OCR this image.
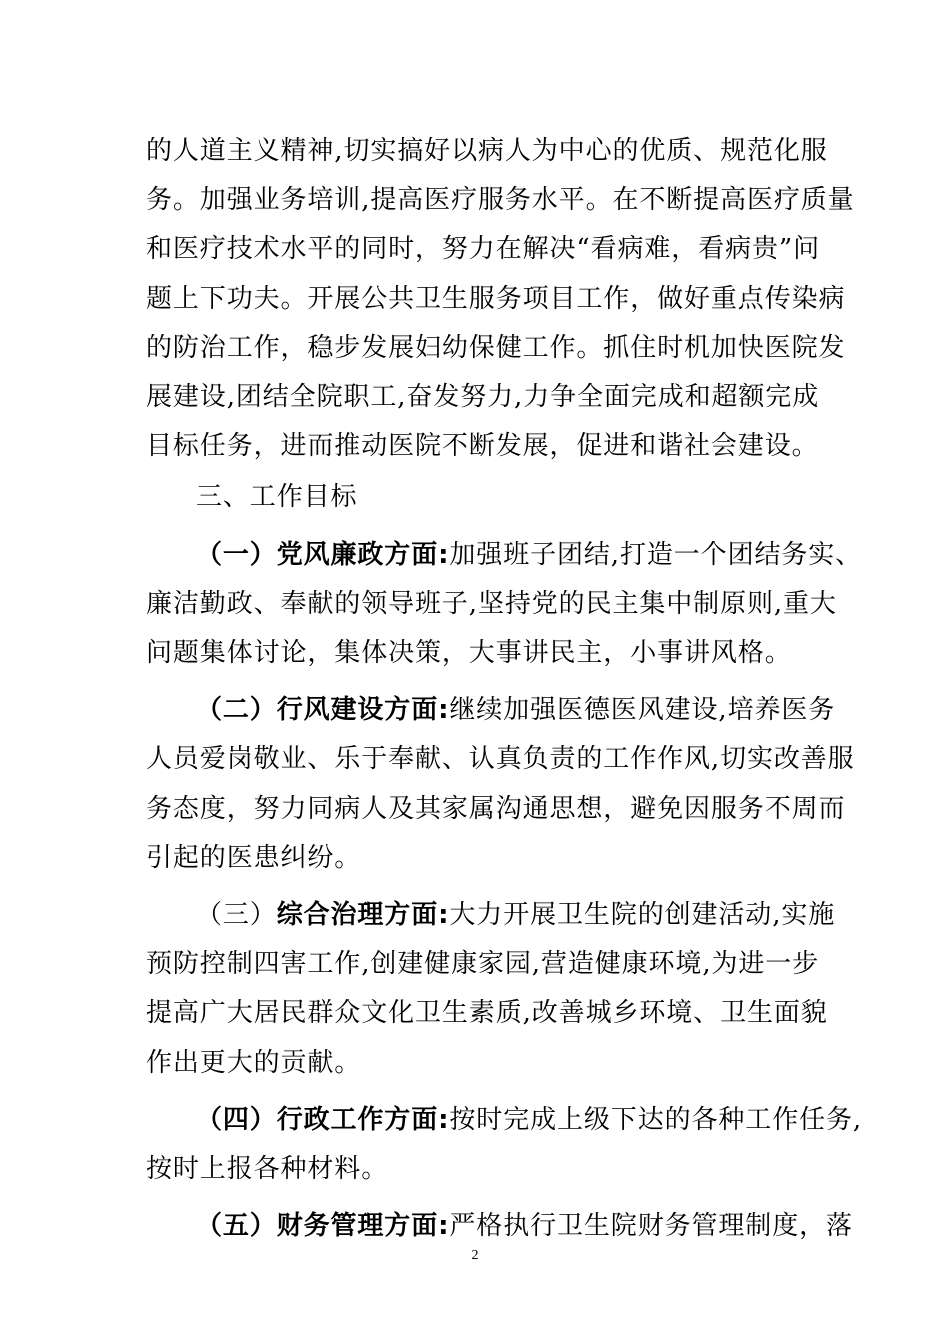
的人道主义精神,切实搞好以病人为中心的优质、规范化服
务。加强业务培训,提高医疗服务水平。在不断提高医疗质量
和医疗技术水平的同时，努力在解决“看病难，看病贵”问
题上下功夫。开展公共卫生服务项目工作，做好重点传染病
的防治工作，稳步发展妇幼保健工作。抓住时机加快医院发
展建设,团结全院职工,奋发努力,力争全面完成和超额完成
目标任务，进而推动医院不断发展，促进和谐社会建设。
三、工作目标
（一）党风廉政方面:加强班子团结,打造一个团结务实、
廉洁勤政、奉献的领导班子,坚持党的民主集中制原则,重大
问题集体讨论，集体决策，大事讲民主，小事讲风格。
（二）行风建设方面:继续加强医德医风建设,培养医务
人员爱岗敬业、乐于奉献、认真负责的工作作风,切实改善服
务态度，努力同病人及其家属沟通思想，避免因服务不周而
引起的医患纠纷。
（三）综合治理方面:大力开展卫生院的创建活动,实施
预防控制四害工作,创建健康家园,营造健康环境,为进一步
提高广大居民群众文化卫生素质,改善城乡环境、卫生面貌
作出更大的贡献。
（四）行政工作方面:按时完成上级下达的各种工作任务,
按时上报各种材料。
（五）财务管理方面:严格执行卫生院财务管理制度，落
2
